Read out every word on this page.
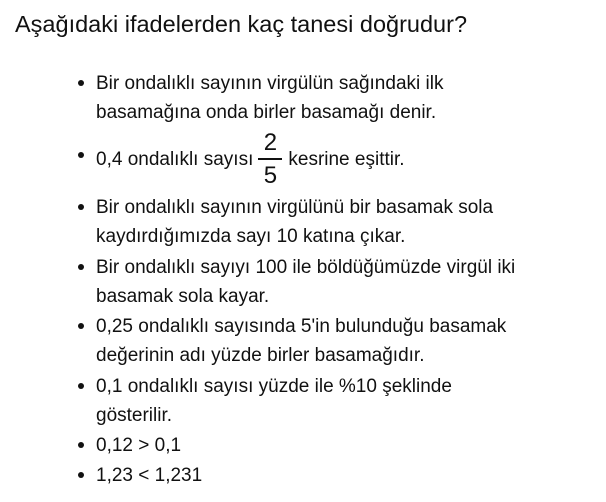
Aşağıdaki ifadelerden kaç tanesi doğrudur?
Bir ondalıklı sayının virgülün sağındaki ilk
basamağına onda birler basamağı denir.
0,4 ondalıklı sayısı $\frac{2}{5}$ kesrine eşittir.
Bir ondalıklı sayının virgülünü bir basamak sola
kaydırdığımızda sayı 10 katına çıkar.
Bir ondalıklı sayıyı 100 ile böldüğümüzde virgül iki
basamak sola kayar.
0,25 ondalıklı sayısında 5'in bulunduğu basamak
değerinin adı yüzde birler basamağıdır.
0,1 ondalıklı sayısı yüzde ile %10 şeklinde
gösterilir.
0,12 > 0,1
1,23 < 1,231
